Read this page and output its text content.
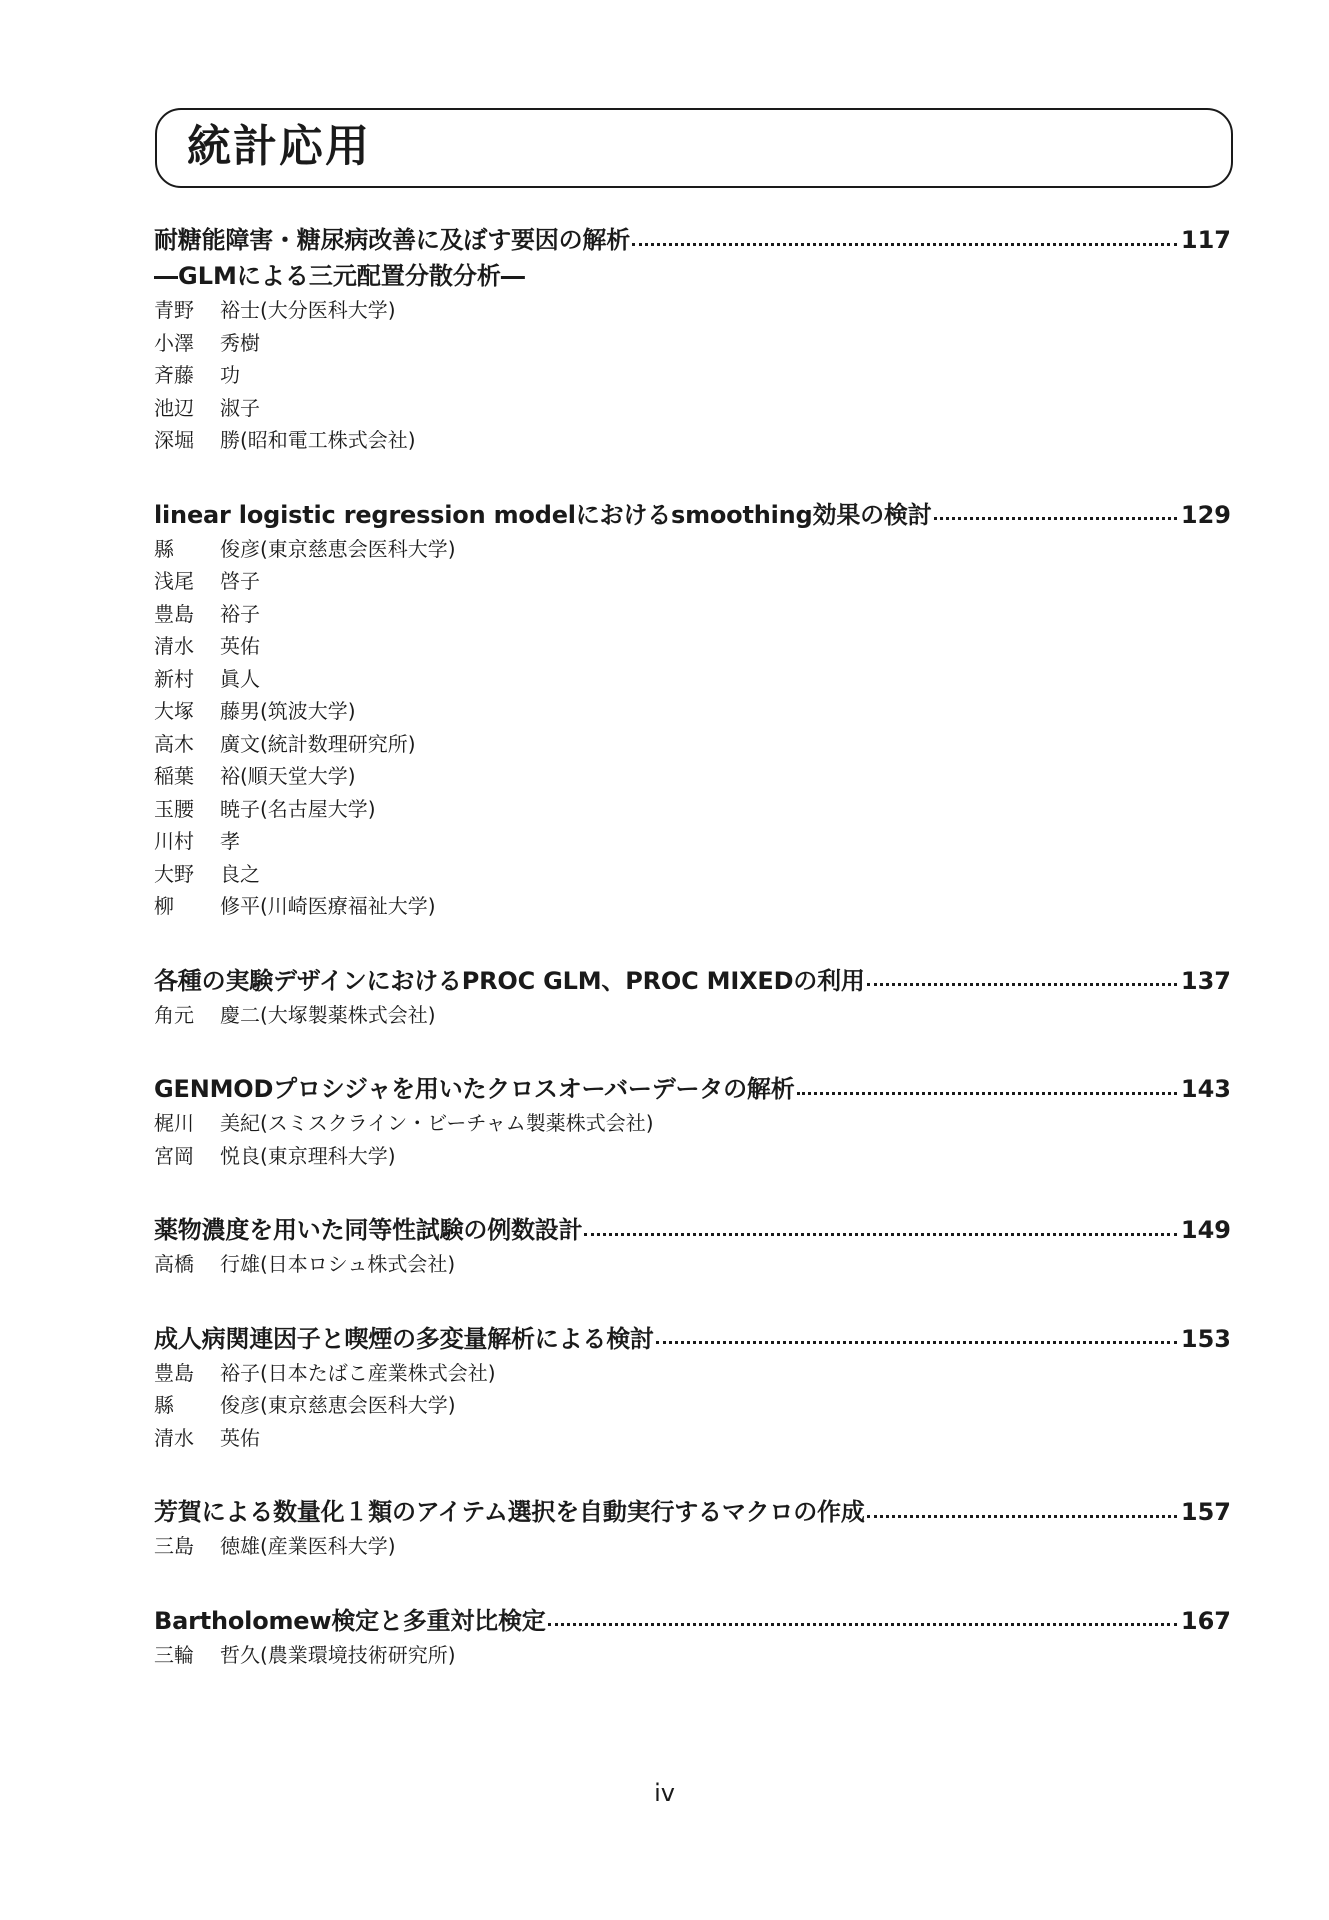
統計応用
耐糖能障害・糖尿病改善に及ぼす要因の解析	117
―GLMによる三元配置分散分析―
青野	裕士 (大分医科大学)
小澤	秀樹
斉藤	功
池辺	淑子
深堀	勝 (昭和電工株式会社)
linear logistic regression modelにおけるsmoothing効果の検討	129
縣	俊彦 (東京慈恵会医科大学)
浅尾	啓子
豊島	裕子
清水	英佑
新村	眞人
大塚	藤男 (筑波大学)
高木	廣文 (統計数理研究所)
稲葉	裕 (順天堂大学)
玉腰	暁子 (名古屋大学)
川村	孝
大野	良之
柳	修平 (川崎医療福祉大学)
各種の実験デザインにおけるPROC GLM、PROC MIXEDの利用	137
角元	慶二 (大塚製薬株式会社)
GENMODプロシジャを用いたクロスオーバーデータの解析	143
梶川	美紀 (スミスクライン・ビーチャム製薬株式会社)
宮岡	悦良 (東京理科大学)
薬物濃度を用いた同等性試験の例数設計	149
高橋	行雄 (日本ロシュ株式会社)
成人病関連因子と喫煙の多変量解析による検討	153
豊島	裕子 (日本たばこ産業株式会社)
縣	俊彦 (東京慈恵会医科大学)
清水	英佑
芳賀による数量化１類のアイテム選択を自動実行するマクロの作成	157
三島	徳雄 (産業医科大学)
Bartholomew検定と多重対比検定	167
三輪	哲久 (農業環境技術研究所)
iv
